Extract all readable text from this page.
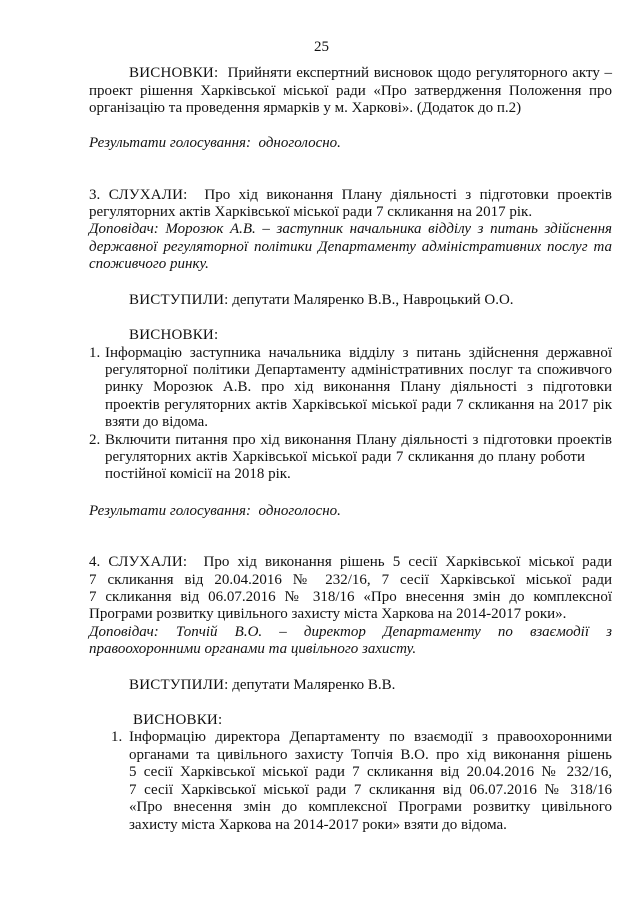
25
ВИСНОВКИ: Прийняти експертний висновок щодо регуляторного акту –
проект рішення Харківської міської ради «Про затвердження Положення про
організацію та проведення ярмарків у м. Харкові». (Додаток до п.2)
Результати голосування: одноголосно.
3. СЛУХАЛИ: Про хід виконання Плану діяльності з підготовки проектів
регуляторних актів Харківської міської ради 7 скликання на 2017 рік.
Доповідач: Морозюк А.В. – заступник начальника відділу з питань здійснення
державної регуляторної політики Департаменту адміністративних послуг та
споживчого ринку.
ВИСТУПИЛИ: депутати Маляренко В.В., Навроцький О.О.
ВИСНОВКИ:
1. Інформацію заступника начальника відділу з питань здійснення державної
регуляторної політики Департаменту адміністративних послуг та споживчого
ринку Морозюк А.В. про хід виконання Плану діяльності з підготовки
проектів регуляторних актів Харківської міської ради 7 скликання на 2017 рік
взяти до відома.
2. Включити питання про хід виконання Плану діяльності з підготовки проектів
регуляторних актів Харківської міської ради 7 скликання до плану роботи
постійної комісії на 2018 рік.
Результати голосування: одноголосно.
4. СЛУХАЛИ: Про хід виконання рішень 5 сесії Харківської міської ради
7 скликання від 20.04.2016 № 232/16, 7 сесії Харківської міської ради
7 скликання від 06.07.2016 № 318/16 «Про внесення змін до комплексної
Програми розвитку цивільного захисту міста Харкова на 2014-2017 роки».
Доповідач: Топчій В.О. – директор Департаменту по взаємодії з
правоохоронними органами та цивільного захисту.
ВИСТУПИЛИ: депутати Маляренко В.В.
ВИСНОВКИ:
1. Інформацію директора Департаменту по взаємодії з правоохоронними
органами та цивільного захисту Топчія В.О. про хід виконання рішень
5 сесії Харківської міської ради 7 скликання від 20.04.2016 № 232/16,
7 сесії Харківської міської ради 7 скликання від 06.07.2016 № 318/16
«Про внесення змін до комплексної Програми розвитку цивільного
захисту міста Харкова на 2014-2017 роки» взяти до відома.
